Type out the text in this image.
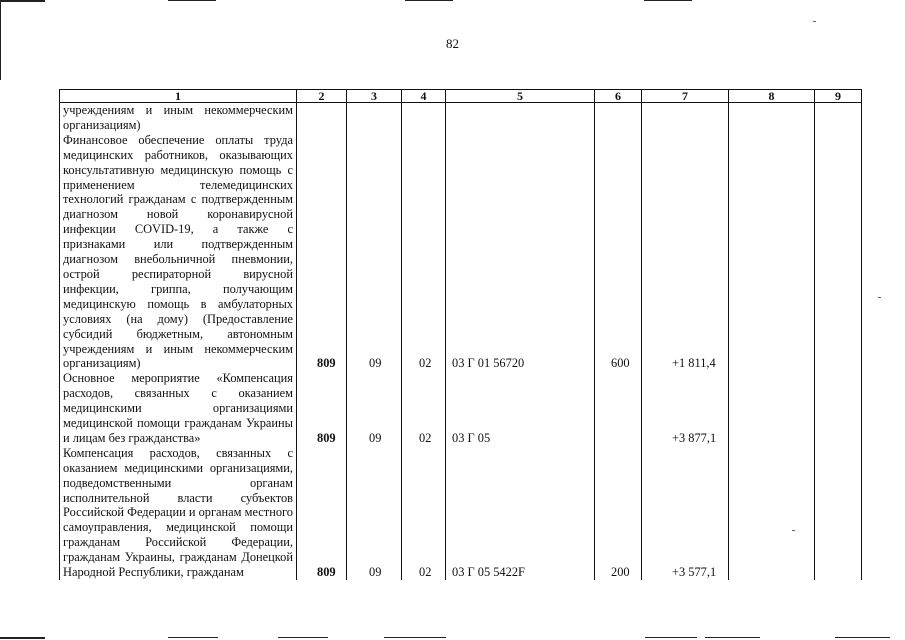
82
1	2	3	4	5	6	7	8	9
учреждениям и иным некоммерческим организациям)								
Финансовое обеспечение оплаты труда медицинских работников, оказывающих консультативную медицинскую помощь с применением телемедицинских технологий гражданам с подтвержденным диагнозом новой коронавирусной инфекции COVID-19, а также с признаками или подтвержденным диагнозом внебольничной пневмонии, острой респираторной вирусной инфекции, гриппа, получающим медицинскую помощь в амбулаторных условиях (на дому) (Предоставление субсидий бюджетным, автономным учреждениям и иным некоммерческим организациям)	809	09	02	03 Г 01 56720	600	+1 811,4		
Основное мероприятие «Компенсация расходов, связанных с оказанием медицинскими организациями медицинской помощи гражданам Украины и лицам без гражданства»	809	09	02	03 Г 05		+3 877,1		
Компенсация расходов, связанных с оказанием медицинскими организациями, подведомственными органам исполнительной власти субъектов Российской Федерации и органам местного самоуправления, медицинской помощи гражданам Российской Федерации, гражданам Украины, гражданам Донецкой Народной Республики, гражданам	809	09	02	03 Г 05 5422F	200	+3 577,1		
